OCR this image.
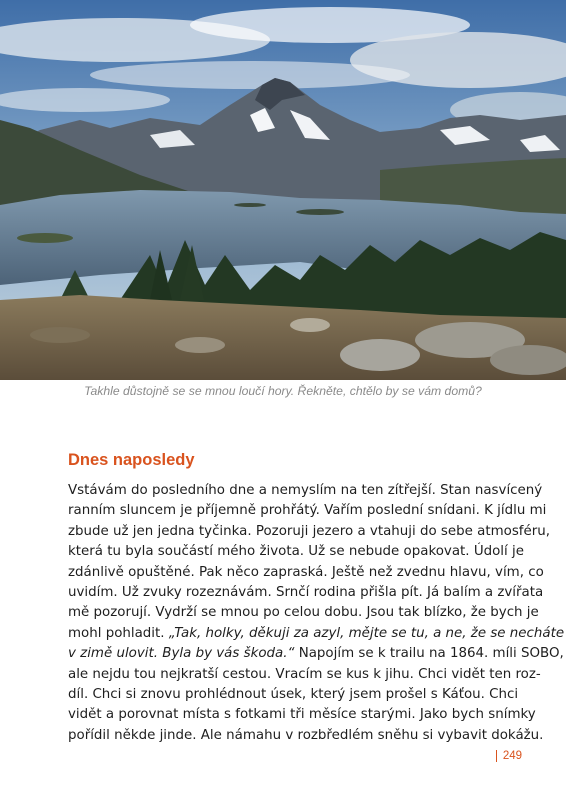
Takhle důstojně se se mnou loučí hory. Řekněte, chtělo by se vám domů?
Dnes naposledy
Vstávám do posledního dne a nemyslím na ten zítřejší. Stan nasvícený
ranním sluncem je příjemně prohřátý. Vařím poslední snídani. K jídlu mi
zbude už jen jedna tyčinka. Pozoruji jezero a vtahuji do sebe atmosféru,
která tu byla součástí mého života. Už se nebude opakovat. Údolí je
zdánlivě opuštěné. Pak něco zapraská. Ještě než zvednu hlavu, vím, co
uvidím. Už zvuky rozeznávám. Srnčí rodina přišla pít. Já balím a zvířata
mě pozorují. Vydrží se mnou po celou dobu. Jsou tak blízko, že bych je
mohl pohladit. „Tak, holky, děkuji za azyl, mějte se tu, a ne, že se necháte
v zimě ulovit. Byla by vás škoda.“ Napojím se k trailu na 1864. míli SOBO,
ale nejdu tou nejkratší cestou. Vracím se kus k jihu. Chci vidět ten roz-
díl. Chci si znovu prohlédnout úsek, který jsem prošel s Káťou. Chci
vidět a porovnat místa s fotkami tři měsíce starými. Jako bych snímky
pořídil někde jinde. Ale námahu v rozbředlém sněhu si vybavit dokážu.
249
